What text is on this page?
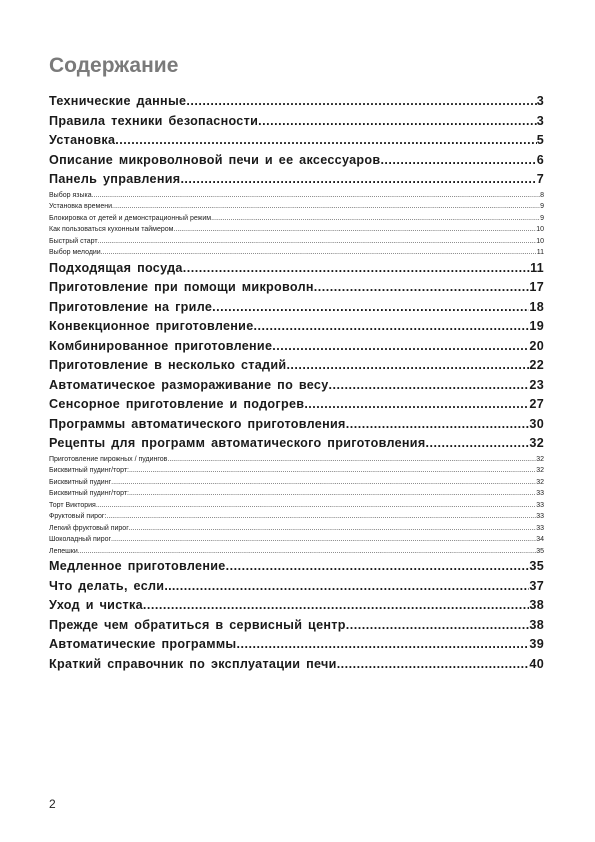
Содержание
Технические данные .....	3
Правила техники безопасности .....	3
Установка .....	5
Описание микроволновой печи и ее аксессуаров .....	6
Панель управления .....	7
Выбор языка .....	8
Установка времени .....	9
Блокировка от детей и демонстрационный режим .....	9
Как пользоваться кухонным таймером .....	10
Быстрый старт .....	10
Выбор мелодии .....	11
Подходящая посуда .....	11
Приготовление при помощи микроволн .....	17
Приготовление на гриле .....	18
Конвекционное приготовление .....	19
Комбинированное приготовление .....	20
Приготовление в несколько стадий .....	22
Автоматическое размораживание по весу .....	23
Сенсорное приготовление и подогрев .....	27
Программы автоматического приготовления .....	30
Рецепты для программ автоматического приготовления .....	32
Приготовление пирожных / пудингов .....	32
Бисквитный пудинг/торт: .....	32
Бисквитный пудинг .....	32
Бисквитный пудинг/торт: .....	33
Торт Виктория .....	33
Фруктовый пирог: .....	33
Легкий фруктовый пирог .....	33
Шоколадный пирог .....	34
Лепешки .....	35
Медленное приготовление .....	35
Что делать, если... .....	37
Уход и чистка .....	38
Прежде чем обратиться в сервисный центр .....	38
Автоматические программы .....	39
Краткий справочник по эксплуатации печи .....	40
2
